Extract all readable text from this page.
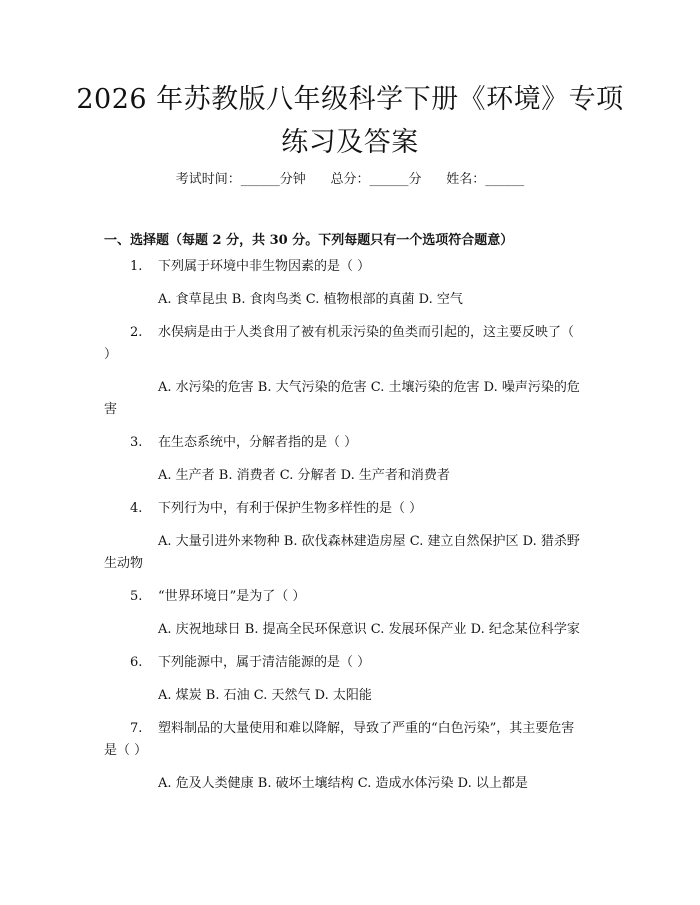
2026 年苏教版八年级科学下册《环境》专项
练习及答案
考试时间：______分钟      总分：______分      姓名：______
一、选择题（每题 2 分，共 30 分。下列每题只有一个选项符合题意）
1. 下列属于环境中非生物因素的是（ ）
A. 食草昆虫 B. 食肉鸟类 C. 植物根部的真菌 D. 空气
2. 水俣病是由于人类食用了被有机汞污染的鱼类而引起的，这主要反映了（ ）
A. 水污染的危害 B. 大气污染的危害 C. 土壤污染的危害 D. 噪声污染的危害
3. 在生态系统中，分解者指的是（ ）
A. 生产者 B. 消费者 C. 分解者 D. 生产者和消费者
4. 下列行为中，有利于保护生物多样性的是（ ）
A. 大量引进外来物种 B. 砍伐森林建造房屋 C. 建立自然保护区 D. 猎杀野生动物
5. “世界环境日”是为了（ ）
A. 庆祝地球日 B. 提高全民环保意识 C. 发展环保产业 D. 纪念某位科学家
6. 下列能源中，属于清洁能源的是（ ）
A. 煤炭 B. 石油 C. 天然气 D. 太阳能
7. 塑料制品的大量使用和难以降解，导致了严重的“白色污染”，其主要危害是（ ）
A. 危及人类健康 B. 破坏土壤结构 C. 造成水体污染 D. 以上都是
